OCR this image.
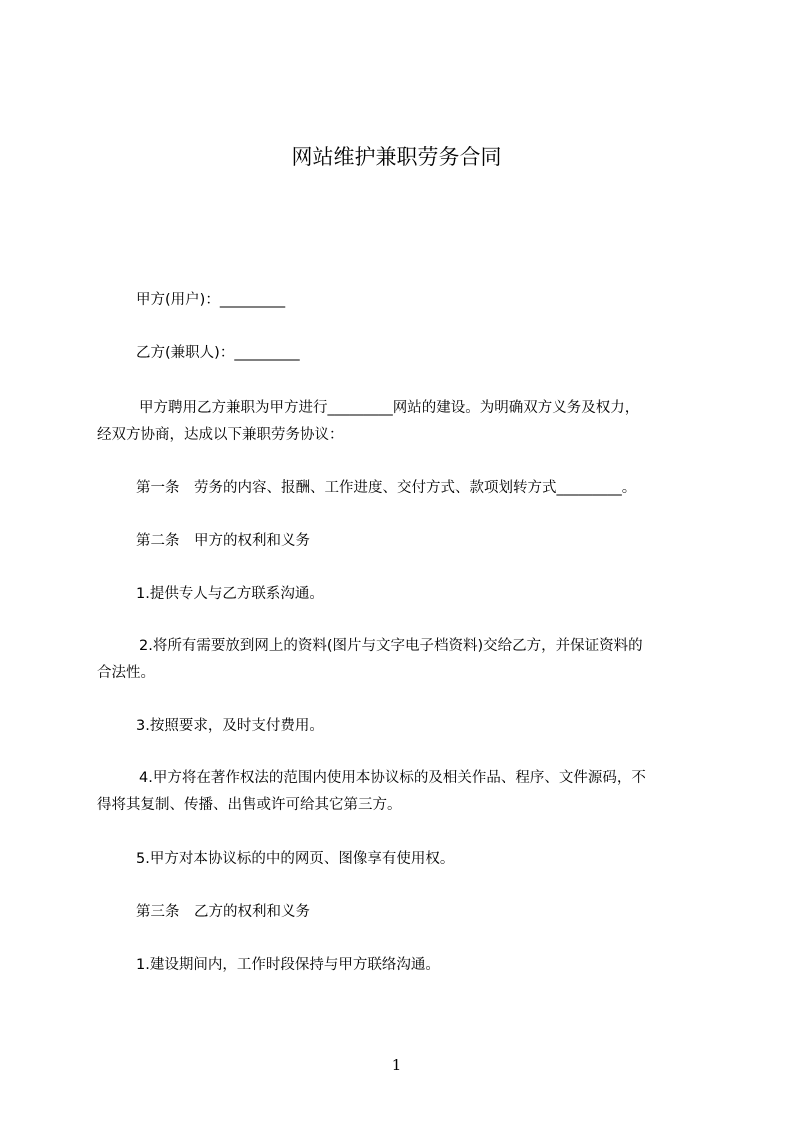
网站维护兼职劳务合同
甲方(用户)：_________
乙方(兼职人)：_________
甲方聘用乙方兼职为甲方进行_________网站的建设。为明确双方义务及权力，
经双方协商，达成以下兼职劳务协议：
第一条　劳务的内容、报酬、工作进度、交付方式、款项划转方式_________。
第二条　甲方的权利和义务
1.提供专人与乙方联系沟通。
2.将所有需要放到网上的资料(图片与文字电子档资料)交给乙方，并保证资料的
合法性。
3.按照要求，及时支付费用。
4.甲方将在著作权法的范围内使用本协议标的及相关作品、程序、文件源码，不
得将其复制、传播、出售或许可给其它第三方。
5.甲方对本协议标的中的网页、图像享有使用权。
第三条　乙方的权利和义务
1.建设期间内，工作时段保持与甲方联络沟通。
1
